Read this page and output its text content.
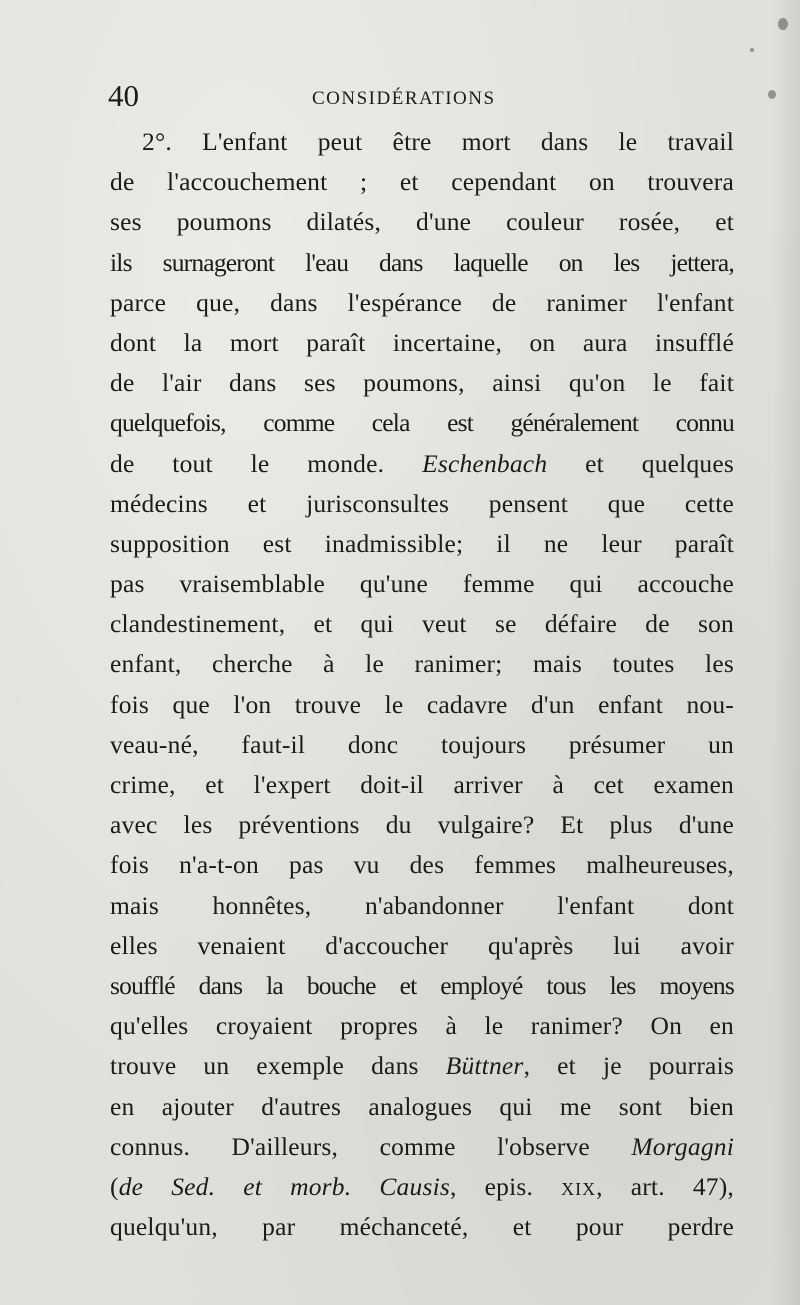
40	CONSIDÉRATIONS
2°. L'enfant peut être mort dans le travail
de l'accouchement ; et cependant on trouvera
ses poumons dilatés, d'une couleur rosée, et
ils surnageront l'eau dans laquelle on les jettera,
parce que, dans l'espérance de ranimer l'enfant
dont la mort paraît incertaine, on aura insufflé
de l'air dans ses poumons, ainsi qu'on le fait
quelquefois, comme cela est généralement connu
de tout le monde. Eschenbach et quelques
médecins et jurisconsultes pensent que cette
supposition est inadmissible; il ne leur paraît
pas vraisemblable qu'une femme qui accouche
clandestinement, et qui veut se défaire de son
enfant, cherche à le ranimer; mais toutes les
fois que l'on trouve le cadavre d'un enfant nou-
veau-né, faut-il donc toujours présumer un
crime, et l'expert doit-il arriver à cet examen
avec les préventions du vulgaire? Et plus d'une
fois n'a-t-on pas vu des femmes malheureuses,
mais honnêtes, n'abandonner l'enfant dont
elles venaient d'accoucher qu'après lui avoir
soufflé dans la bouche et employé tous les moyens
qu'elles croyaient propres à le ranimer? On en
trouve un exemple dans Büttner, et je pourrais
en ajouter d'autres analogues qui me sont bien
connus. D'ailleurs, comme l'observe Morgagni
(de Sed. et morb. Causis, epis. xix, art. 47),
quelqu'un, par méchanceté, et pour perdre
